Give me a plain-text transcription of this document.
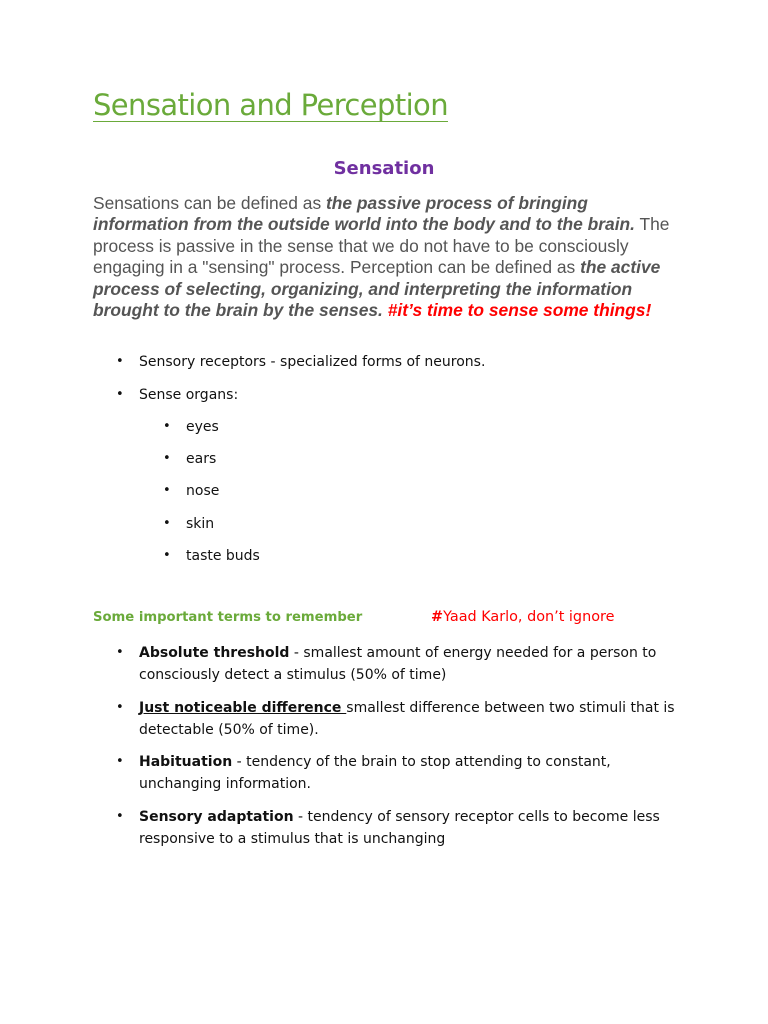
Sensation and Perception
Sensation

Sensations can be defined as the passive process of bringing information from the outside world into the body and to the brain. The process is passive in the sense that we do not have to be consciously engaging in a "sensing" process. Perception can be defined as the active process of selecting, organizing, and interpreting the information brought to the brain by the senses. #it’s time to sense some things!

• Sensory receptors - specialized forms of neurons.
• Sense organs:
• eyes
• ears
• nose
• skin
• taste buds

Some important terms to remember	#Yaad Karlo, don’t ignore

• Absolute threshold - smallest amount of energy needed for a person to consciously detect a stimulus (50% of time)
• Just noticeable difference smallest difference between two stimuli that is detectable (50% of time).
• Habituation - tendency of the brain to stop attending to constant, unchanging information.
• Sensory adaptation - tendency of sensory receptor cells to become less responsive to a stimulus that is unchanging
